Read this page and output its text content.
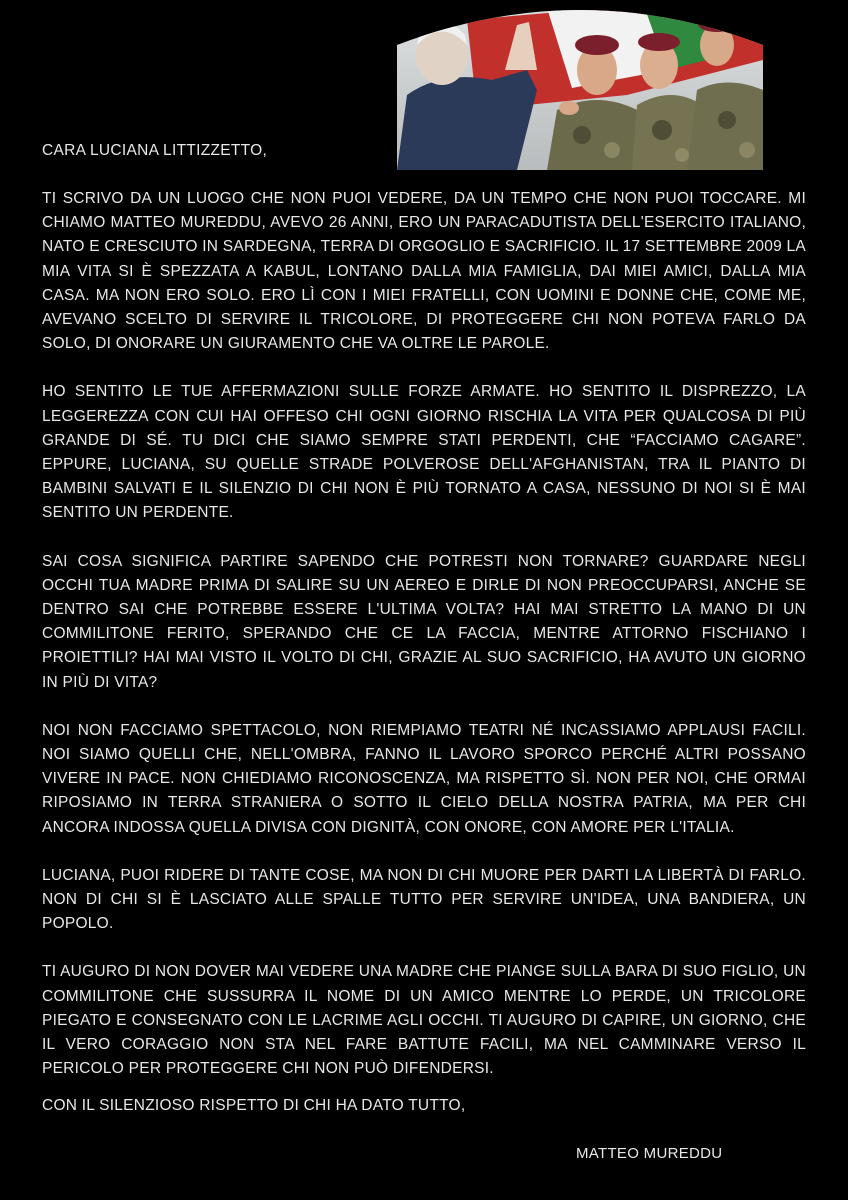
CARA LUCIANA LITTIZZETTO,

TI SCRIVO DA UN LUOGO CHE NON PUOI VEDERE, DA UN TEMPO CHE NON PUOI TOCCARE. MI CHIAMO MATTEO MUREDDU, AVEVO 26 ANNI, ERO UN PARACADUTISTA DELL'ESERCITO ITALIANO, NATO E CRESCIUTO IN SARDEGNA, TERRA DI ORGOGLIO E SACRIFICIO. IL 17 SETTEMBRE 2009 LA MIA VITA SI È SPEZZATA A KABUL, LONTANO DALLA MIA FAMIGLIA, DAI MIEI AMICI, DALLA MIA CASA. MA NON ERO SOLO. ERO LÌ CON I MIEI FRATELLI, CON UOMINI E DONNE CHE, COME ME, AVEVANO SCELTO DI SERVIRE IL TRICOLORE, DI PROTEGGERE CHI NON POTEVA FARLO DA SOLO, DI ONORARE UN GIURAMENTO CHE VA OLTRE LE PAROLE.

HO SENTITO LE TUE AFFERMAZIONI SULLE FORZE ARMATE. HO SENTITO IL DISPREZZO, LA LEGGEREZZA CON CUI HAI OFFESO CHI OGNI GIORNO RISCHIA LA VITA PER QUALCOSA DI PIÙ GRANDE DI SÉ. TU DICI CHE SIAMO SEMPRE STATI PERDENTI, CHE “FACCIAMO CAGARE”. EPPURE, LUCIANA, SU QUELLE STRADE POLVEROSE DELL'AFGHANISTAN, TRA IL PIANTO DI BAMBINI SALVATI E IL SILENZIO DI CHI NON È PIÙ TORNATO A CASA, NESSUNO DI NOI SI È MAI SENTITO UN PERDENTE.

SAI COSA SIGNIFICA PARTIRE SAPENDO CHE POTRESTI NON TORNARE? GUARDARE NEGLI OCCHI TUA MADRE PRIMA DI SALIRE SU UN AEREO E DIRLE DI NON PREOCCUPARSI, ANCHE SE DENTRO SAI CHE POTREBBE ESSERE L'ULTIMA VOLTA? HAI MAI STRETTO LA MANO DI UN COMMILITONE FERITO, SPERANDO CHE CE LA FACCIA, MENTRE ATTORNO FISCHIANO I PROIETTILI? HAI MAI VISTO IL VOLTO DI CHI, GRAZIE AL SUO SACRIFICIO, HA AVUTO UN GIORNO IN PIÙ DI VITA?

NOI NON FACCIAMO SPETTACOLO, NON RIEMPIAMO TEATRI NÉ INCASSIAMO APPLAUSI FACILI. NOI SIAMO QUELLI CHE, NELL'OMBRA, FANNO IL LAVORO SPORCO PERCHÉ ALTRI POSSANO VIVERE IN PACE. NON CHIEDIAMO RICONOSCENZA, MA RISPETTO SÌ. NON PER NOI, CHE ORMAI RIPOSIAMO IN TERRA STRANIERA O SOTTO IL CIELO DELLA NOSTRA PATRIA, MA PER CHI ANCORA INDOSSA QUELLA DIVISA CON DIGNITÀ, CON ONORE, CON AMORE PER L'ITALIA.

LUCIANA, PUOI RIDERE DI TANTE COSE, MA NON DI CHI MUORE PER DARTI LA LIBERTÀ DI FARLO. NON DI CHI SI È LASCIATO ALLE SPALLE TUTTO PER SERVIRE UN'IDEA, UNA BANDIERA, UN POPOLO.

TI AUGURO DI NON DOVER MAI VEDERE UNA MADRE CHE PIANGE SULLA BARA DI SUO FIGLIO, UN COMMILITONE CHE SUSSURRA IL NOME DI UN AMICO MENTRE LO PERDE, UN TRICOLORE PIEGATO E CONSEGNATO CON LE LACRIME AGLI OCCHI. TI AUGURO DI CAPIRE, UN GIORNO, CHE IL VERO CORAGGIO NON STA NEL FARE BATTUTE FACILI, MA NEL CAMMINARE VERSO IL PERICOLO PER PROTEGGERE CHI NON PUÒ DIFENDERSI.

CON IL SILENZIOSO RISPETTO DI CHI HA DATO TUTTO,

MATTEO MUREDDU
